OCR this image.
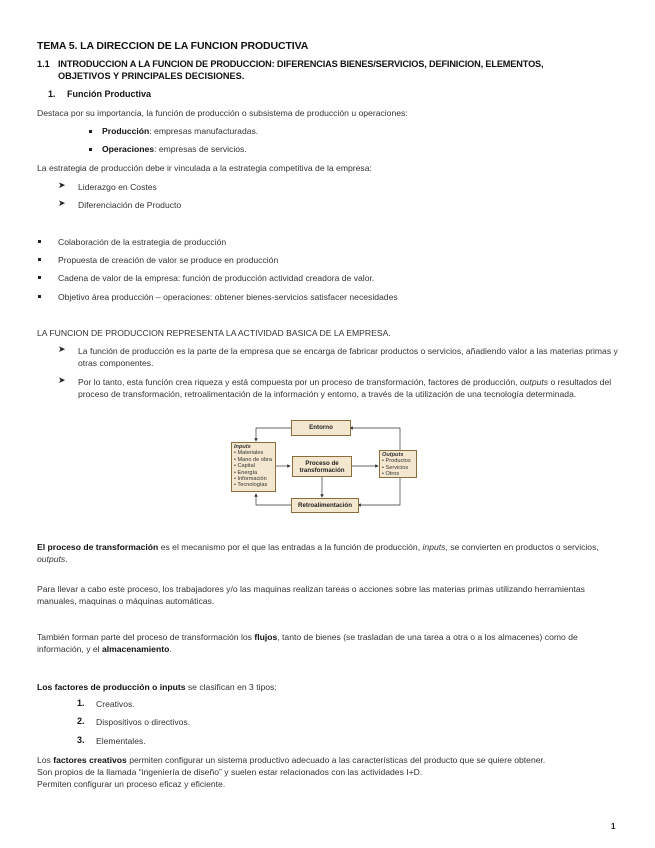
TEMA 5. LA DIRECCION DE LA FUNCION PRODUCTIVA
1.1 INTRODUCCION A LA FUNCION DE PRODUCCION: DIFERENCIAS BIENES/SERVICIOS, DEFINICION, ELEMENTOS,
OBJETIVOS Y PRINCIPALES DECISIONES.
1. Función Productiva
Destaca por su importancia, la función de producción o subsistema de producción u operaciones:
Producción: empresas manufacturadas.
Operaciones: empresas de servicios.
La estrategia de producción debe ir vinculada a la estrategia competitiva de la empresa:
➤ Liderazgo en Costes
➤ Diferenciación de Producto
Colaboración de la estrategia de producción
Propuesta de creación de valor se produce en producción
Cadena de valor de la empresa: función de producción actividad creadora de valor.
Objetivo área producción – operaciones: obtener bienes-servicios satisfacer necesidades
LA FUNCION DE PRODUCCION REPRESENTA LA ACTIVIDAD BASICA DE LA EMPRESA.
➤ La función de producción es la parte de la empresa que se encarga de fabricar productos o servicios, añadiendo valor a las materias primas y otras componentes.
➤ Por lo tanto, esta función crea riqueza y está compuesta por un proceso de transformación, factores de producción, outputs o resultados del proceso de transformación, retroalimentación de la información y entorno, a través de la utilización de una tecnología determinada.
Entorno
Inputs
• Materiales
• Mano de obra
• Capital
• Energía
• Información
• Tecnologías
Proceso de transformación
Outputs
• Productos
• Servicios
• Otros
Retroalimentación
El proceso de transformación es el mecanismo por el que las entradas a la función de producción, inputs, se convierten en productos o servicios, outputs.
Para llevar a cabo este proceso, los trabajadores y/o las maquinas realizan tareas o acciones sobre las materias primas utilizando herramientas manuales, maquinas o máquinas automáticas.
También forman parte del proceso de transformación los flujos, tanto de bienes (se trasladan de una tarea a otra o a los almacenes) como de información, y el almacenamiento.
Los factores de producción o inputs se clasifican en 3 tipos:
1. Creativos.
2. Dispositivos o directivos.
3. Elementales.
Los factores creativos permiten configurar un sistema productivo adecuado a las características del producto que se quiere obtener.
Son propios de la llamada “ingeniería de diseño” y suelen estar relacionados con las actividades I+D.
Permiten configurar un proceso eficaz y eficiente.
1
